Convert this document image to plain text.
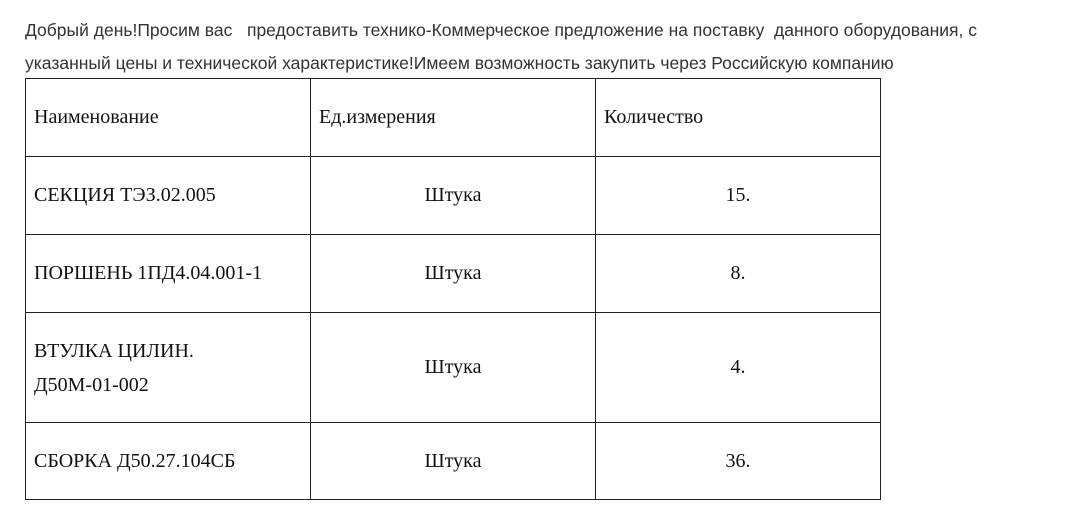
Добрый день!Просим вас   предоставить технико-Коммерческое предложение на поставку  данного оборудования, с
указанный цены и технической характеристике!Имеем возможность закупить через Российскую компанию

Наименование	Ед.измерения	Количество
СЕКЦИЯ ТЭЗ.02.005	Штука	15.
ПОРШЕНЬ 1ПД4.04.001-1	Штука	8.
ВТУЛКА ЦИЛИН.
Д50М-01-002	Штука	4.
СБОРКА Д50.27.104СБ	Штука	36.
